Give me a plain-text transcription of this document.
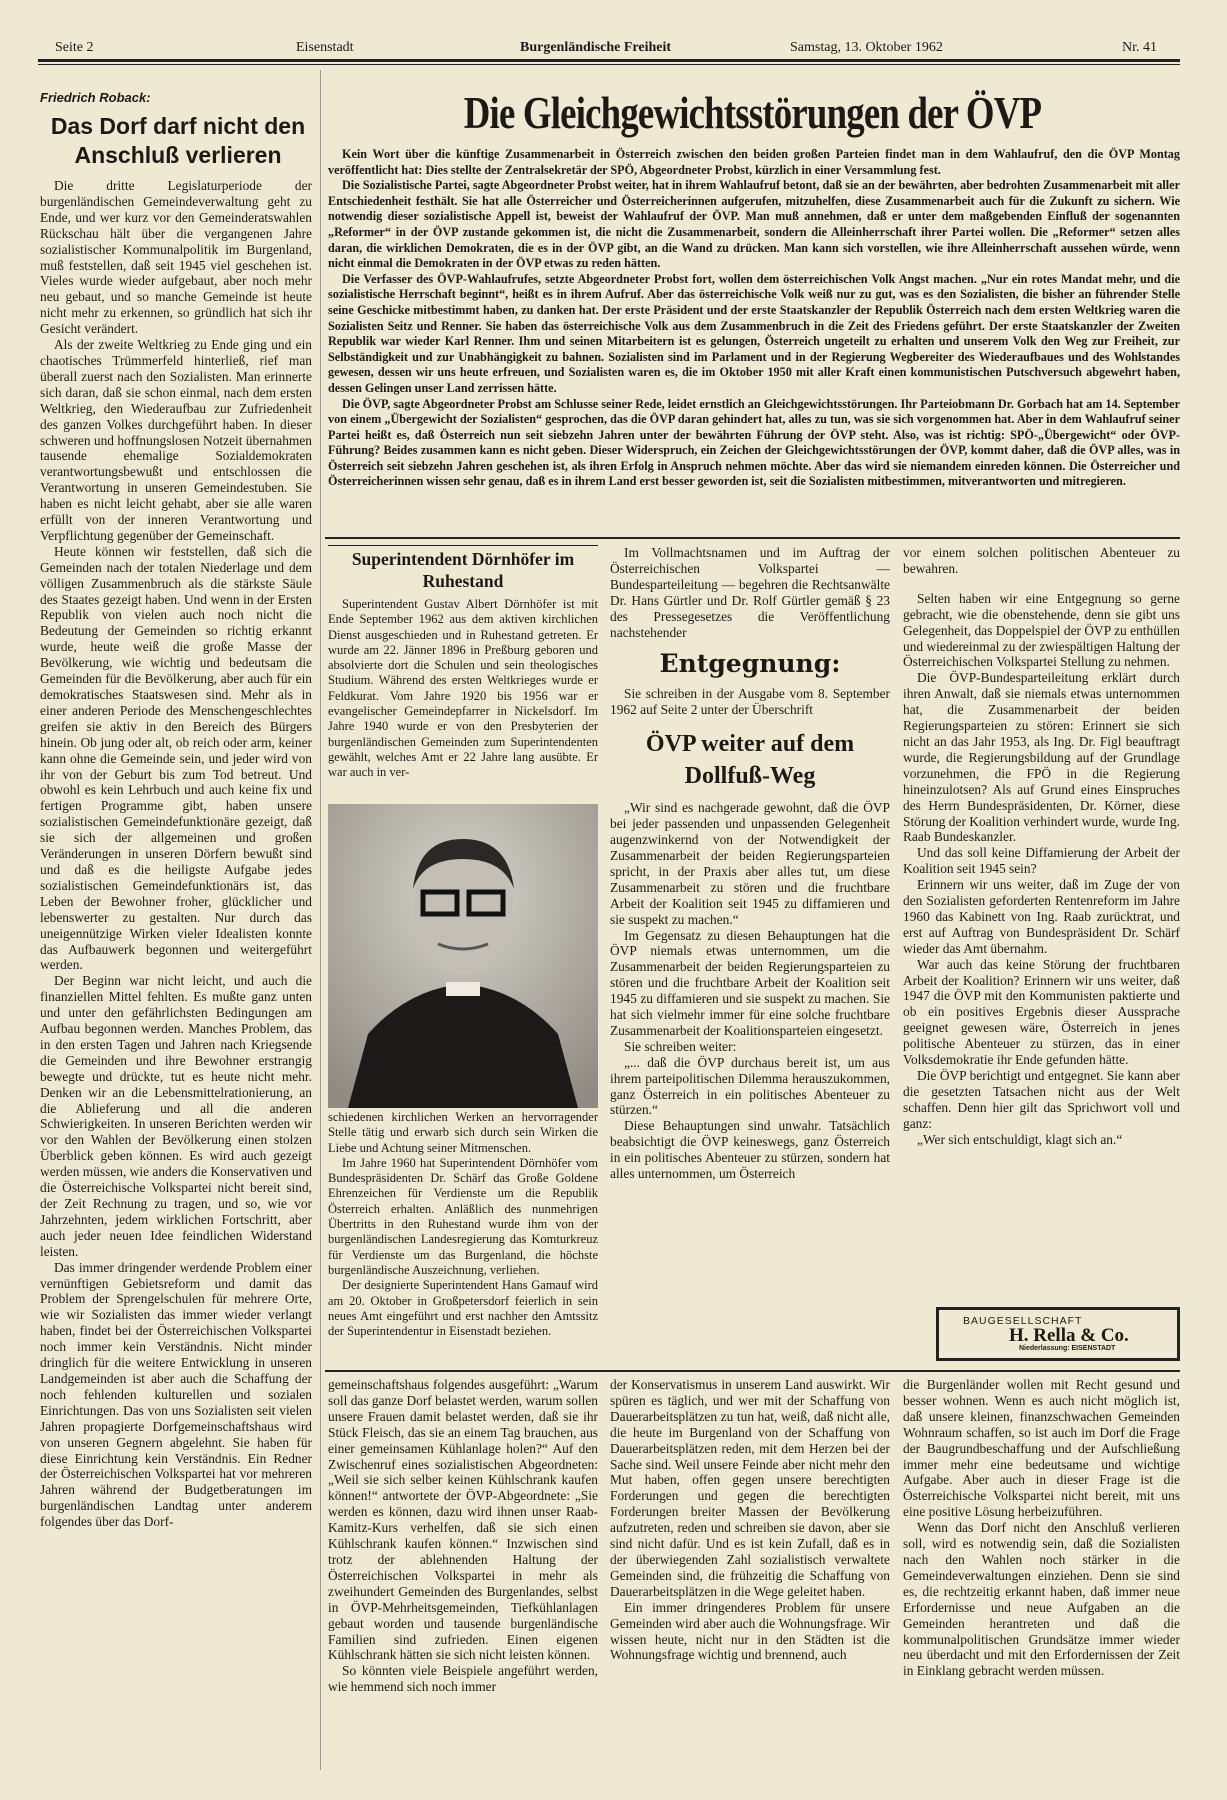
Seite 2	Eisenstadt	Burgenländische Freiheit	Samstag, 13. Oktober 1962	Nr. 41
Friedrich Roback:
Das Dorf darf nicht den Anschluß verlieren

Die dritte Legislaturperiode der burgenländischen Gemeindeverwaltung geht zu Ende, und wer kurz vor den Gemeinderatswahlen Rückschau hält über die vergangenen Jahre sozialistischer Kommunalpolitik im Burgenland, muß feststellen, daß seit 1945 viel geschehen ist. Vieles wurde wieder aufgebaut, aber noch mehr neu gebaut, und so manche Gemeinde ist heute nicht mehr zu erkennen, so gründlich hat sich ihr Gesicht verändert.

Als der zweite Weltkrieg zu Ende ging und ein chaotisches Trümmerfeld hinterließ, rief man überall zuerst nach den Sozialisten. Man erinnerte sich daran, daß sie schon einmal, nach dem ersten Weltkrieg, den Wiederaufbau zur Zufriedenheit des ganzen Volkes durchgeführt haben. In dieser schweren und hoffnungslosen Notzeit übernahmen tausende ehemalige Sozialdemokraten verantwortungsbewußt und entschlossen die Verantwortung in unseren Gemeindestuben. Sie haben es nicht leicht gehabt, aber sie alle waren erfüllt von der inneren Verantwortung und Verpflichtung gegenüber der Gemeinschaft.

Heute können wir feststellen, daß sich die Gemeinden nach der totalen Niederlage und dem völligen Zusammenbruch als die stärkste Säule des Staates gezeigt haben. Und wenn in der Ersten Republik von vielen auch noch nicht die Bedeutung der Gemeinden so richtig erkannt wurde, heute weiß die große Masse der Bevölkerung, wie wichtig und bedeutsam die Gemeinden für die Bevölkerung, aber auch für ein demokratisches Staatswesen sind. Mehr als in einer anderen Periode des Menschengeschlechtes greifen sie aktiv in den Bereich des Bürgers hinein. Ob jung oder alt, ob reich oder arm, keiner kann ohne die Gemeinde sein, und jeder wird von ihr von der Geburt bis zum Tod betreut. Und obwohl es kein Lehrbuch und auch keine fix und fertigen Programme gibt, haben unsere sozialistischen Gemeindefunktionäre gezeigt, daß sie sich der allgemeinen und großen Veränderungen in unseren Dörfern bewußt sind und daß es die heiligste Aufgabe jedes sozialistischen Gemeindefunktionärs ist, das Leben der Bewohner froher, glücklicher und lebenswerter zu gestalten. Nur durch das uneigennützige Wirken vieler Idealisten konnte das Aufbauwerk begonnen und weitergeführt werden.

Der Beginn war nicht leicht, und auch die finanziellen Mittel fehlten. Es mußte ganz unten und unter den gefährlichsten Bedingungen am Aufbau begonnen werden. Manches Problem, das in den ersten Tagen und Jahren nach Kriegsende die Gemeinden und ihre Bewohner erstrangig bewegte und drückte, tut es heute nicht mehr. Denken wir an die Lebensmittelrationierung, an die Ablieferung und all die anderen Schwierigkeiten. In unseren Berichten werden wir vor den Wahlen der Bevölkerung einen stolzen Überblick geben können. Es wird auch gezeigt werden müssen, wie anders die Konservativen und die Österreichische Volkspartei nicht bereit sind, der Zeit Rechnung zu tragen, und so, wie vor Jahrzehnten, jedem wirklichen Fortschritt, aber auch jeder neuen Idee feindlichen Widerstand leisten.

Das immer dringender werdende Problem einer vernünftigen Gebietsreform und damit das Problem der Sprengelschulen für mehrere Orte, wie wir Sozialisten das immer wieder verlangt haben, findet bei der Österreichischen Volkspartei noch immer kein Verständnis. Nicht minder dringlich für die weitere Entwicklung in unseren Landgemeinden ist aber auch die Schaffung der noch fehlenden kulturellen und sozialen Einrichtungen. Das von uns Sozialisten seit vielen Jahren propagierte Dorfgemeinschaftshaus wird von unseren Gegnern abgelehnt. Sie haben für diese Einrichtung kein Verständnis. Ein Redner der Österreichischen Volkspartei hat vor mehreren Jahren während der Budgetberatungen im burgenländischen Landtag unter anderem folgendes über das Dorf-

Die Gleichgewichtsstörungen der ÖVP

Kein Wort über die künftige Zusammenarbeit in Österreich zwischen den beiden großen Parteien findet man in dem Wahlaufruf, den die ÖVP Montag veröffentlicht hat: Dies stellte der Zentralsekretär der SPÖ, Abgeordneter Probst, kürzlich in einer Versammlung fest.

Die Sozialistische Partei, sagte Abgeordneter Probst weiter, hat in ihrem Wahlaufruf betont, daß sie an der bewährten, aber bedrohten Zusammenarbeit mit aller Entschiedenheit festhält. Sie hat alle Österreicher und Österreicherinnen aufgerufen, mitzuhelfen, diese Zusammenarbeit auch für die Zukunft zu sichern. Wie notwendig dieser sozialistische Appell ist, beweist der Wahlaufruf der ÖVP. Man muß annehmen, daß er unter dem maßgebenden Einfluß der sogenannten „Reformer“ in der ÖVP zustande gekommen ist, die nicht die Zusammenarbeit, sondern die Alleinherrschaft ihrer Partei wollen. Die „Reformer“ setzen alles daran, die wirklichen Demokraten, die es in der ÖVP gibt, an die Wand zu drücken. Man kann sich vorstellen, wie ihre Alleinherrschaft aussehen würde, wenn nicht einmal die Demokraten in der ÖVP etwas zu reden hätten.

Die Verfasser des ÖVP-Wahlaufrufes, setzte Abgeordneter Probst fort, wollen dem österreichischen Volk Angst machen. „Nur ein rotes Mandat mehr, und die sozialistische Herrschaft beginnt“, heißt es in ihrem Aufruf. Aber das österreichische Volk weiß nur zu gut, was es den Sozialisten, die bisher an führender Stelle seine Geschicke mitbestimmt haben, zu danken hat. Der erste Präsident und der erste Staatskanzler der Republik Österreich nach dem ersten Weltkrieg waren die Sozialisten Seitz und Renner. Sie haben das österreichische Volk aus dem Zusammenbruch in die Zeit des Friedens geführt. Der erste Staatskanzler der Zweiten Republik war wieder Karl Renner. Ihm und seinen Mitarbeitern ist es gelungen, Österreich ungeteilt zu erhalten und unserem Volk den Weg zur Freiheit, zur Selbständigkeit und zur Unabhängigkeit zu bahnen. Sozialisten sind im Parlament und in der Regierung Wegbereiter des Wiederaufbaues und des Wohlstandes gewesen, dessen wir uns heute erfreuen, und Sozialisten waren es, die im Oktober 1950 mit aller Kraft einen kommunistischen Putschversuch abgewehrt haben, dessen Gelingen unser Land zerrissen hätte.

Die ÖVP, sagte Abgeordneter Probst am Schlusse seiner Rede, leidet ernstlich an Gleichgewichtsstörungen. Ihr Parteiobmann Dr. Gorbach hat am 14. September von einem „Übergewicht der Sozialisten“ gesprochen, das die ÖVP daran gehindert hat, alles zu tun, was sie sich vorgenommen hat. Aber in dem Wahlaufruf seiner Partei heißt es, daß Österreich nun seit siebzehn Jahren unter der bewährten Führung der ÖVP steht. Also, was ist richtig: SPÖ-„Übergewicht“ oder ÖVP-Führung? Beides zusammen kann es nicht geben. Dieser Widerspruch, ein Zeichen der Gleichgewichtsstörungen der ÖVP, kommt daher, daß die ÖVP alles, was in Österreich seit siebzehn Jahren geschehen ist, als ihren Erfolg in Anspruch nehmen möchte. Aber das wird sie niemandem einreden können. Die Österreicher und Österreicherinnen wissen sehr genau, daß es in ihrem Land erst besser geworden ist, seit die Sozialisten mitbestimmen, mitverantworten und mitregieren.

Superintendent Dörnhöfer im Ruhestand

Superintendent Gustav Albert Dörnhöfer ist mit Ende September 1962 aus dem aktiven kirchlichen Dienst ausgeschieden und in Ruhestand getreten. Er wurde am 22. Jänner 1896 in Preßburg geboren und absolvierte dort die Schulen und sein theologisches Studium. Während des ersten Weltkrieges wurde er Feldkurat. Vom Jahre 1920 bis 1956 war er evangelischer Gemeindepfarrer in Nickelsdorf. Im Jahre 1940 wurde er von den Presbyterien der burgenländischen Gemeinden zum Superintendenten gewählt, welches Amt er 22 Jahre lang ausübte. Er war auch in ver-

schiedenen kirchlichen Werken an hervorragender Stelle tätig und erwarb sich durch sein Wirken die Liebe und Achtung seiner Mitmenschen.

Im Jahre 1960 hat Superintendent Dörnhöfer vom Bundespräsidenten Dr. Schärf das Große Goldene Ehrenzeichen für Verdienste um die Republik Österreich erhalten. Anläßlich des nunmehrigen Übertritts in den Ruhestand wurde ihm von der burgenländischen Landesregierung das Komturkreuz für Verdienste um das Burgenland, die höchste burgenländische Auszeichnung, verliehen.

Der designierte Superintendent Hans Gamauf wird am 20. Oktober in Großpetersdorf feierlich in sein neues Amt eingeführt und erst nachher den Amtssitz der Superintendentur in Eisenstadt beziehen.

Im Vollmachtsnamen und im Auftrag der Österreichischen Volkspartei — Bundesparteileitung — begehren die Rechtsanwälte Dr. Hans Gürtler und Dr. Rolf Gürtler gemäß § 23 des Pressegesetzes die Veröffentlichung nachstehender

Entgegnung:

Sie schreiben in der Ausgabe vom 8. September 1962 auf Seite 2 unter der Überschrift

ÖVP weiter auf dem Dollfuß-Weg

„Wir sind es nachgerade gewohnt, daß die ÖVP bei jeder passenden und unpassenden Gelegenheit augenzwinkernd von der Notwendigkeit der Zusammenarbeit der beiden Regierungsparteien spricht, in der Praxis aber alles tut, um diese Zusammenarbeit zu stören und die fruchtbare Arbeit der Koalition seit 1945 zu diffamieren und sie suspekt zu machen.“

Im Gegensatz zu diesen Behauptungen hat die ÖVP niemals etwas unternommen, um die Zusammenarbeit der beiden Regierungsparteien zu stören und die fruchtbare Arbeit der Koalition seit 1945 zu diffamieren und sie suspekt zu machen. Sie hat sich vielmehr immer für eine solche fruchtbare Zusammenarbeit der Koalitionsparteien eingesetzt.

Sie schreiben weiter:

„... daß die ÖVP durchaus bereit ist, um aus ihrem parteipolitischen Dilemma herauszukommen, ganz Österreich in ein politisches Abenteuer zu stürzen.“

Diese Behauptungen sind unwahr. Tatsächlich beabsichtigt die ÖVP keineswegs, ganz Österreich in ein politisches Abenteuer zu stürzen, sondern hat alles unternommen, um Österreich

vor einem solchen politischen Abenteuer zu bewahren.

Selten haben wir eine Entgegnung so gerne gebracht, wie die obenstehende, denn sie gibt uns Gelegenheit, das Doppelspiel der ÖVP zu enthüllen und wiedereinmal zu der zwiespältigen Haltung der Österreichischen Volkspartei Stellung zu nehmen.

Die ÖVP-Bundesparteileitung erklärt durch ihren Anwalt, daß sie niemals etwas unternommen hat, die Zusammenarbeit der beiden Regierungsparteien zu stören: Erinnert sie sich nicht an das Jahr 1953, als Ing. Dr. Figl beauftragt wurde, die Regierungsbildung auf der Grundlage vorzunehmen, die FPÖ in die Regierung hineinzulotsen? Als auf Grund eines Einspruches des Herrn Bundespräsidenten, Dr. Körner, diese Störung der Koalition verhindert wurde, wurde Ing. Raab Bundeskanzler.

Und das soll keine Diffamierung der Arbeit der Koalition seit 1945 sein?

Erinnern wir uns weiter, daß im Zuge der von den Sozialisten geforderten Rentenreform im Jahre 1960 das Kabinett von Ing. Raab zurücktrat, und erst auf Auftrag von Bundespräsident Dr. Schärf wieder das Amt übernahm.

War auch das keine Störung der fruchtbaren Arbeit der Koalition? Erinnern wir uns weiter, daß 1947 die ÖVP mit den Kommunisten paktierte und ob ein positives Ergebnis dieser Aussprache geeignet gewesen wäre, Österreich in jenes politische Abenteuer zu stürzen, das in einer Volksdemokratie ihr Ende gefunden hätte.

Die ÖVP berichtigt und entgegnet. Sie kann aber die gesetzten Tatsachen nicht aus der Welt schaffen. Denn hier gilt das Sprichwort voll und ganz:

„Wer sich entschuldigt, klagt sich an.“

BAUGESELLSCHAFT
H. Rella & Co.
Niederlassung: EISENSTADT

gemeinschaftshaus folgendes ausgeführt: „Warum soll das ganze Dorf belastet werden, warum sollen unsere Frauen damit belastet werden, daß sie ihr Stück Fleisch, das sie an einem Tag brauchen, aus einer gemeinsamen Kühlanlage holen?“ Auf den Zwischenruf eines sozialistischen Abgeordneten: „Weil sie sich selber keinen Kühlschrank kaufen können!“ antwortete der ÖVP-Abgeordnete: „Sie werden es können, dazu wird ihnen unser Raab-Kamitz-Kurs verhelfen, daß sie sich einen Kühlschrank kaufen können.“ Inzwischen sind trotz der ablehnenden Haltung der Österreichischen Volkspartei in mehr als zweihundert Gemeinden des Burgenlandes, selbst in ÖVP-Mehrheitsgemeinden, Tiefkühlanlagen gebaut worden und tausende burgenländische Familien sind zufrieden. Einen eigenen Kühlschrank hätten sie sich nicht leisten können.

So könnten viele Beispiele angeführt werden, wie hemmend sich noch immer

der Konservatismus in unserem Land auswirkt. Wir spüren es täglich, und wer mit der Schaffung von Dauerarbeitsplätzen zu tun hat, weiß, daß nicht alle, die heute im Burgenland von der Schaffung von Dauerarbeitsplätzen reden, mit dem Herzen bei der Sache sind. Weil unsere Feinde aber nicht mehr den Mut haben, offen gegen unsere berechtigten Forderungen und gegen die berechtigten Forderungen breiter Massen der Bevölkerung aufzutreten, reden und schreiben sie davon, aber sie sind nicht dafür. Und es ist kein Zufall, daß es in der überwiegenden Zahl sozialistisch verwaltete Gemeinden sind, die frühzeitig die Schaffung von Dauerarbeitsplätzen in die Wege geleitet haben.

Ein immer dringenderes Problem für unsere Gemeinden wird aber auch die Wohnungsfrage. Wir wissen heute, nicht nur in den Städten ist die Wohnungsfrage wichtig und brennend, auch

die Burgenländer wollen mit Recht gesund und besser wohnen. Wenn es auch nicht möglich ist, daß unsere kleinen, finanzschwachen Gemeinden Wohnraum schaffen, so ist auch im Dorf die Frage der Baugrundbeschaffung und der Aufschließung immer mehr eine bedeutsame und wichtige Aufgabe. Aber auch in dieser Frage ist die Österreichische Volkspartei nicht bereit, mit uns eine positive Lösung herbeizuführen.

Wenn das Dorf nicht den Anschluß verlieren soll, wird es notwendig sein, daß die Sozialisten nach den Wahlen noch stärker in die Gemeindeverwaltungen einziehen. Denn sie sind es, die rechtzeitig erkannt haben, daß immer neue Erfordernisse und neue Aufgaben an die Gemeinden herantreten und daß die kommunalpolitischen Grundsätze immer wieder neu überdacht und mit den Erfordernissen der Zeit in Einklang gebracht werden müssen.
